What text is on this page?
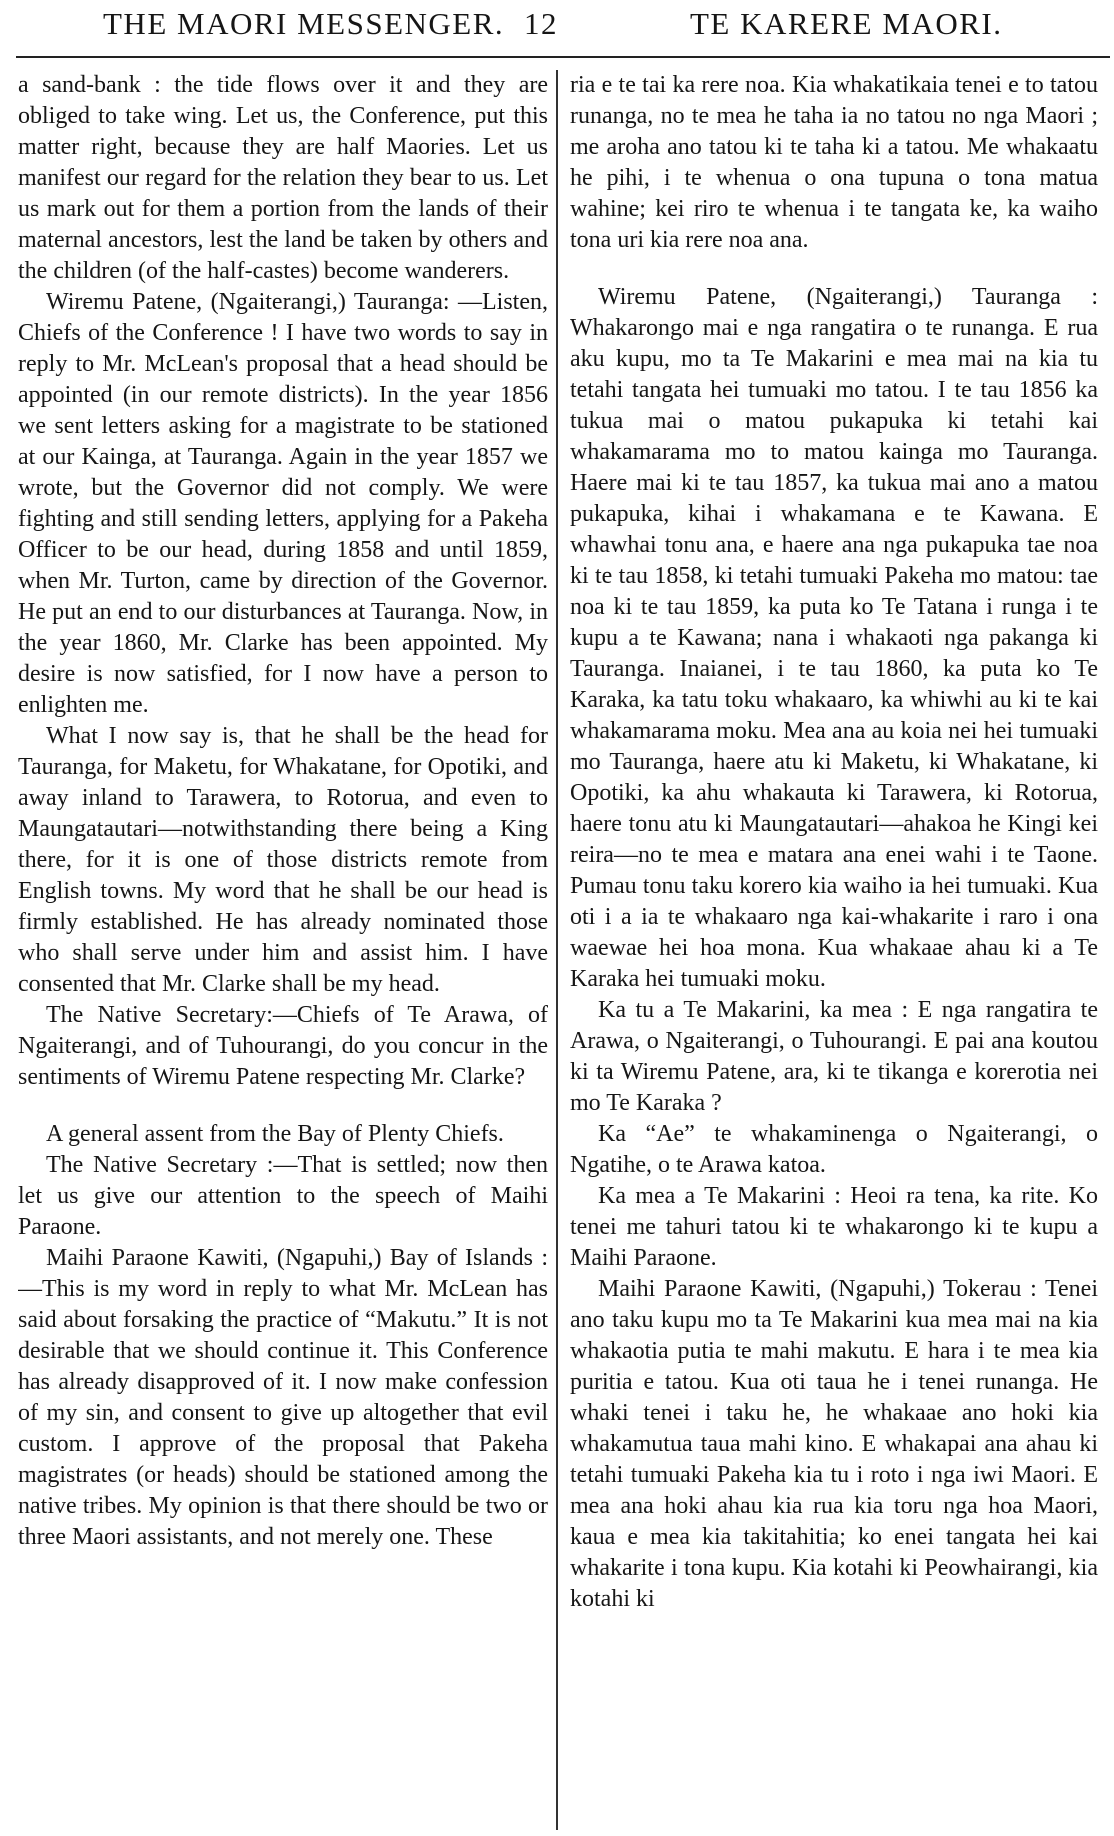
THE MAORI MESSENGER. 12	TE KARERE MAORI.

a sand-bank : the tide flows over it and they are obliged to take wing. Let us, the Conference, put this matter right, because they are half Maories. Let us manifest our regard for the relation they bear to us. Let us mark out for them a portion from the lands of their maternal ancestors, lest the land be taken by others and the children (of the half-castes) become wanderers.

Wiremu Patene, (Ngaiterangi,) Tauranga: —Listen, Chiefs of the Conference ! I have two words to say in reply to Mr. McLean's proposal that a head should be appointed (in our remote districts). In the year 1856 we sent letters asking for a magistrate to be stationed at our Kainga, at Tauranga. Again in the year 1857 we wrote, but the Governor did not comply. We were fighting and still sending letters, applying for a Pakeha Officer to be our head, during 1858 and until 1859, when Mr. Turton, came by direction of the Governor. He put an end to our disturbances at Tauranga. Now, in the year 1860, Mr. Clarke has been appointed. My desire is now satisfied, for I now have a person to enlighten me.

What I now say is, that he shall be the head for Tauranga, for Maketu, for Whakatane, for Opotiki, and away inland to Tarawera, to Rotorua, and even to Maungatautari—notwithstanding there being a King there, for it is one of those districts remote from English towns. My word that he shall be our head is firmly established. He has already nominated those who shall serve under him and assist him. I have consented that Mr. Clarke shall be my head.

The Native Secretary:—Chiefs of Te Arawa, of Ngaiterangi, and of Tuhourangi, do you concur in the sentiments of Wiremu Patene respecting Mr. Clarke?

A general assent from the Bay of Plenty Chiefs.

The Native Secretary :—That is settled; now then let us give our attention to the speech of Maihi Paraone.

Maihi Paraone Kawiti, (Ngapuhi,) Bay of Islands :—This is my word in reply to what Mr. McLean has said about forsaking the practice of “Makutu.” It is not desirable that we should continue it. This Conference has already disapproved of it. I now make confession of my sin, and consent to give up altogether that evil custom. I approve of the proposal that Pakeha magistrates (or heads) should be stationed among the native tribes. My opinion is that there should be two or three Maori assistants, and not merely one. These

ria e te tai ka rere noa. Kia whakatikaia tenei e to tatou runanga, no te mea he taha ia no tatou no nga Maori ; me aroha ano tatou ki te taha ki a tatou. Me whakaatu he pihi, i te whenua o ona tupuna o tona matua wahine; kei riro te whenua i te tangata ke, ka waiho tona uri kia rere noa ana.

Wiremu Patene, (Ngaiterangi,) Tauranga : Whakarongo mai e nga rangatira o te runanga. E rua aku kupu, mo ta Te Makarini e mea mai na kia tu tetahi tangata hei tumuaki mo tatou. I te tau 1856 ka tukua mai o matou pukapuka ki tetahi kai whakamarama mo to matou kainga mo Tauranga. Haere mai ki te tau 1857, ka tukua mai ano a matou pukapuka, kihai i whakamana e te Kawana. E whawhai tonu ana, e haere ana nga pukapuka tae noa ki te tau 1858, ki tetahi tumuaki Pakeha mo matou: tae noa ki te tau 1859, ka puta ko Te Tatana i runga i te kupu a te Kawana; nana i whakaoti nga pakanga ki Tauranga. Inaianei, i te tau 1860, ka puta ko Te Karaka, ka tatu toku whakaaro, ka whiwhi au ki te kai whakamarama moku. Mea ana au koia nei hei tumuaki mo Tauranga, haere atu ki Maketu, ki Whakatane, ki Opotiki, ka ahu whakauta ki Tarawera, ki Rotorua, haere tonu atu ki Maungatautari—ahakoa he Kingi kei reira—no te mea e matara ana enei wahi i te Taone. Pumau tonu taku korero kia waiho ia hei tumuaki. Kua oti i a ia te whakaaro nga kai-whakarite i raro i ona waewae hei hoa mona. Kua whakaae ahau ki a Te Karaka hei tumuaki moku.

Ka tu a Te Makarini, ka mea : E nga rangatira te Arawa, o Ngaiterangi, o Tuhourangi. E pai ana koutou ki ta Wiremu Patene, ara, ki te tikanga e korerotia nei mo Te Karaka ?

Ka “Ae” te whakaminenga o Ngaiterangi, o Ngatihe, o te Arawa katoa.

Ka mea a Te Makarini : Heoi ra tena, ka rite. Ko tenei me tahuri tatou ki te whakarongo ki te kupu a Maihi Paraone.

Maihi Paraone Kawiti, (Ngapuhi,) Tokerau : Tenei ano taku kupu mo ta Te Makarini kua mea mai na kia whakaotia putia te mahi makutu. E hara i te mea kia puritia e tatou. Kua oti taua he i tenei runanga. He whaki tenei i taku he, he whakaae ano hoki kia whakamutua taua mahi kino. E whakapai ana ahau ki tetahi tumuaki Pakeha kia tu i roto i nga iwi Maori. E mea ana hoki ahau kia rua kia toru nga hoa Maori, kaua e mea kia takitahitia; ko enei tangata hei kai whakarite i tona kupu. Kia kotahi ki Peowhairangi, kia kotahi ki
